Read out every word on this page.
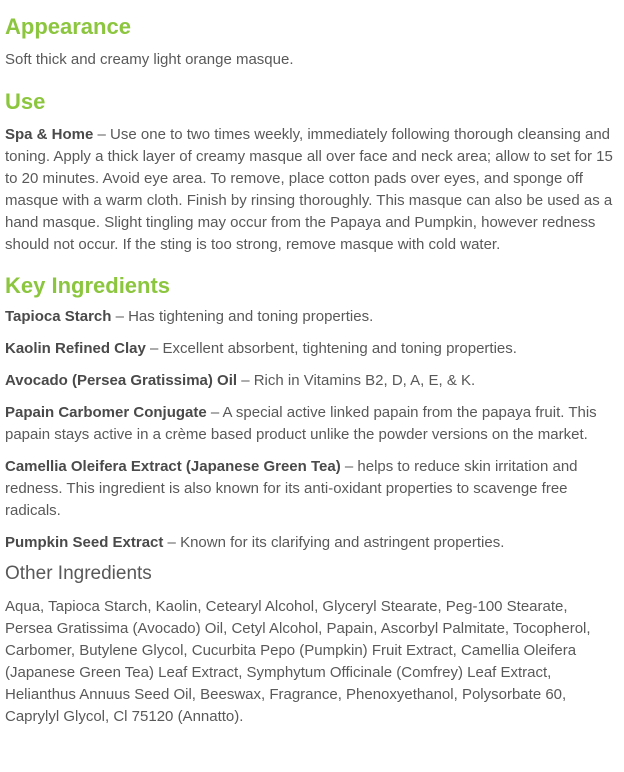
Appearance

Soft thick and creamy light orange masque.

Use

Spa & Home – Use one to two times weekly, immediately following thorough cleansing and toning. Apply a thick layer of creamy masque all over face and neck area; allow to set for 15 to 20 minutes. Avoid eye area. To remove, place cotton pads over eyes, and sponge off masque with a warm cloth. Finish by rinsing thoroughly. This masque can also be used as a hand masque. Slight tingling may occur from the Papaya and Pumpkin, however redness should not occur. If the sting is too strong, remove masque with cold water.

Key Ingredients

Tapioca Starch – Has tightening and toning properties.

Kaolin Refined Clay – Excellent absorbent, tightening and toning properties.

Avocado (Persea Gratissima) Oil – Rich in Vitamins B2, D, A, E, & K.

Papain Carbomer Conjugate – A special active linked papain from the papaya fruit. This papain stays active in a crème based product unlike the powder versions on the market.

Camellia Oleifera Extract (Japanese Green Tea) – helps to reduce skin irritation and redness. This ingredient is also known for its anti-oxidant properties to scavenge free radicals.

Pumpkin Seed Extract – Known for its clarifying and astringent properties.

Other Ingredients

Aqua, Tapioca Starch, Kaolin, Cetearyl Alcohol, Glyceryl Stearate, Peg-100 Stearate, Persea Gratissima (Avocado) Oil, Cetyl Alcohol, Papain, Ascorbyl Palmitate, Tocopherol, Carbomer, Butylene Glycol, Cucurbita Pepo (Pumpkin) Fruit Extract, Camellia Oleifera (Japanese Green Tea) Leaf Extract, Symphytum Officinale (Comfrey) Leaf Extract, Helianthus Annuus Seed Oil, Beeswax, Fragrance, Phenoxyethanol, Polysorbate 60, Caprylyl Glycol, Cl 75120 (Annatto).
